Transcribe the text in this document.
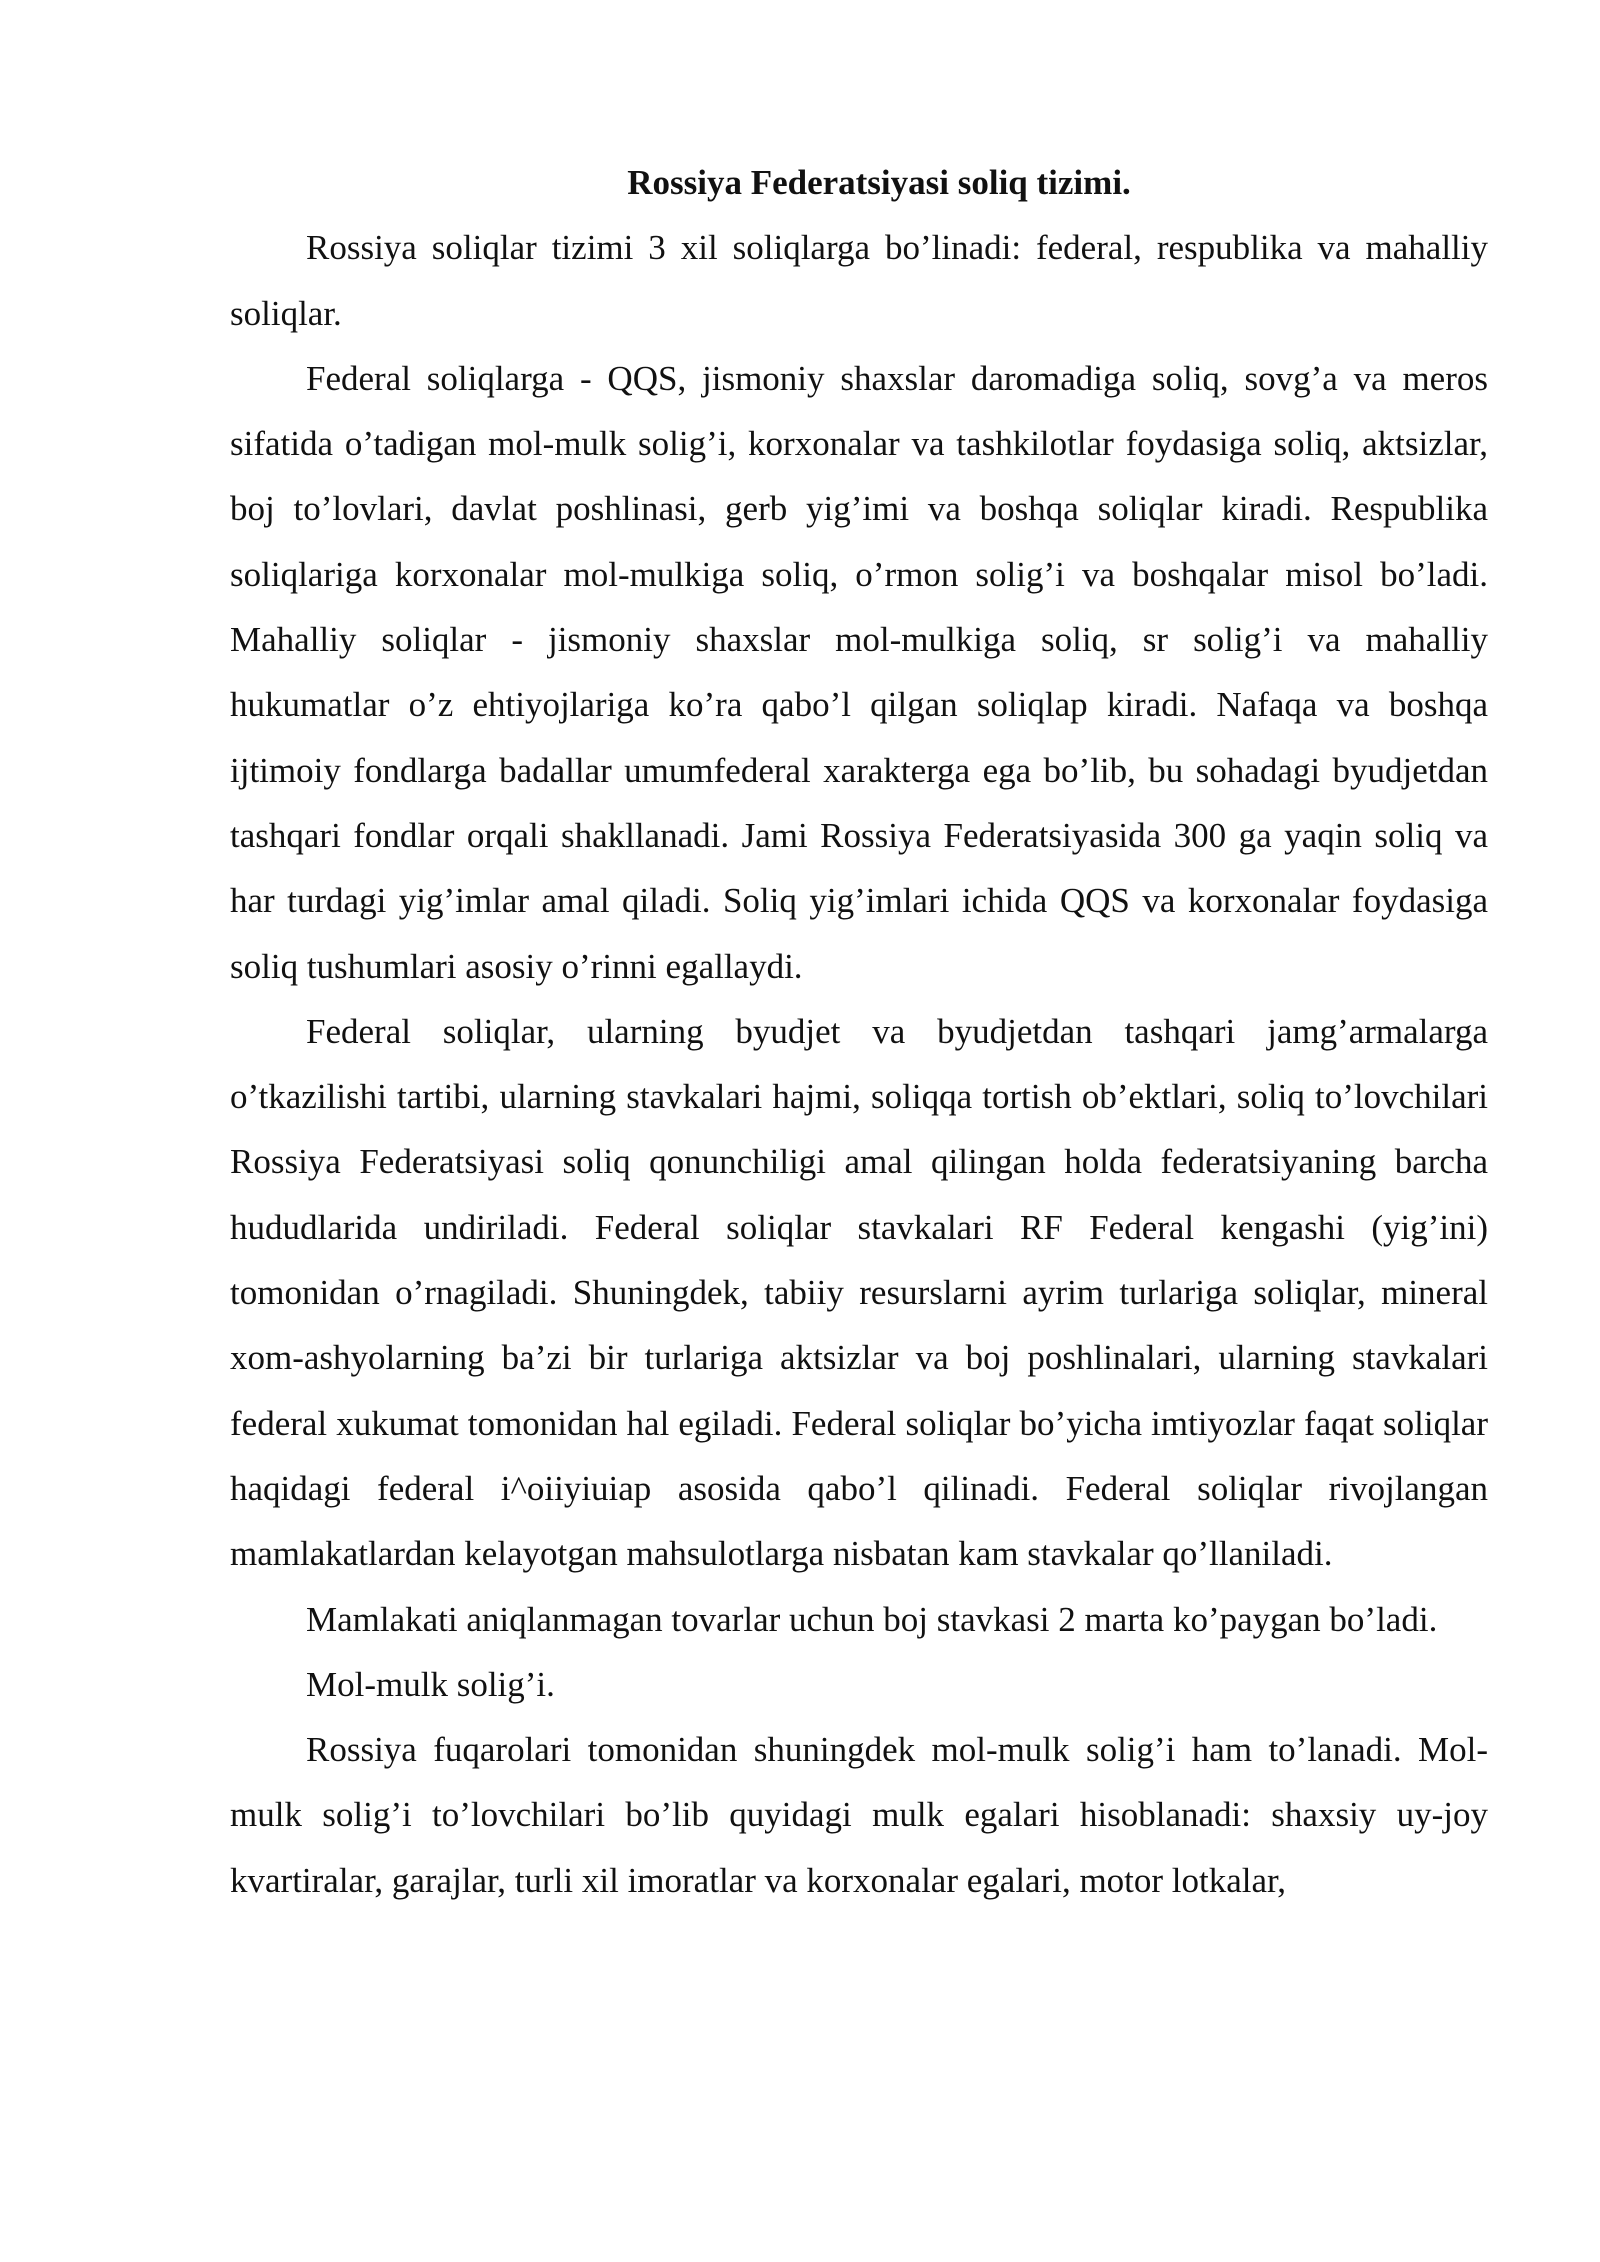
Rossiya Federatsiyasi soliq tizimi.

Rossiya soliqlar tizimi 3 xil soliqlarga bo’linadi: federal, respublika va mahalliy soliqlar.

Federal soliqlarga - QQS, jismoniy shaxslar daromadiga soliq, sovg’a va meros sifatida o’tadigan mol-mulk solig’i, korxonalar va tashkilotlar foydasiga soliq, aktsizlar, boj to’lovlari, davlat poshlinasi, gerb yig’imi va boshqa soliqlar kiradi. Respublika soliqlariga korxonalar mol-mulkiga soliq, o’rmon solig’i va boshqalar misol bo’ladi. Mahalliy soliqlar - jismoniy shaxslar mol-mulkiga soliq, sr solig’i va mahalliy hukumatlar o’z ehtiyojlariga ko’ra qabo’l qilgan soliqlap kiradi. Nafaqa va boshqa ijtimoiy fondlarga badallar umumfederal xarakterga ega bo’lib, bu sohadagi byudjetdan tashqari fondlar orqali shakllanadi. Jami Rossiya Federatsiyasida 300 ga yaqin soliq va har turdagi yig’imlar amal qiladi. Soliq yig’imlari ichida QQS va korxonalar foydasiga soliq tushumlari asosiy o’rinni egallaydi.

Federal soliqlar, ularning byudjet va byudjetdan tashqari jamg’armalarga o’tkazilishi tartibi, ularning stavkalari hajmi, soliqqa tortish ob’ektlari, soliq to’lovchilari Rossiya Federatsiyasi soliq qonunchiligi amal qilingan holda federatsiyaning barcha hududlarida undiriladi. Federal soliqlar stavkalari RF Federal kengashi (yig’ini) tomonidan o’rnagiladi. Shuningdek, tabiiy resurslarni ayrim turlariga soliqlar, mineral xom-ashyolarning ba’zi bir turlariga aktsizlar va boj poshlinalari, ularning stavkalari federal xukumat tomonidan hal egiladi. Federal soliqlar bo’yicha imtiyozlar faqat soliqlar haqidagi federal i^oiiyiuiap asosida qabo’l qilinadi. Federal soliqlar rivojlangan mamlakatlardan kelayotgan mahsulotlarga nisbatan kam stavkalar qo’llaniladi.

Mamlakati aniqlanmagan tovarlar uchun boj stavkasi 2 marta ko’paygan bo’ladi.

Mol-mulk solig’i.

Rossiya fuqarolari tomonidan shuningdek mol-mulk solig’i ham to’lanadi. Mol-mulk solig’i to’lovchilari bo’lib quyidagi mulk egalari hisoblanadi: shaxsiy uy-joy kvartiralar, garajlar, turli xil imoratlar va korxonalar egalari, motor lotkalar,
